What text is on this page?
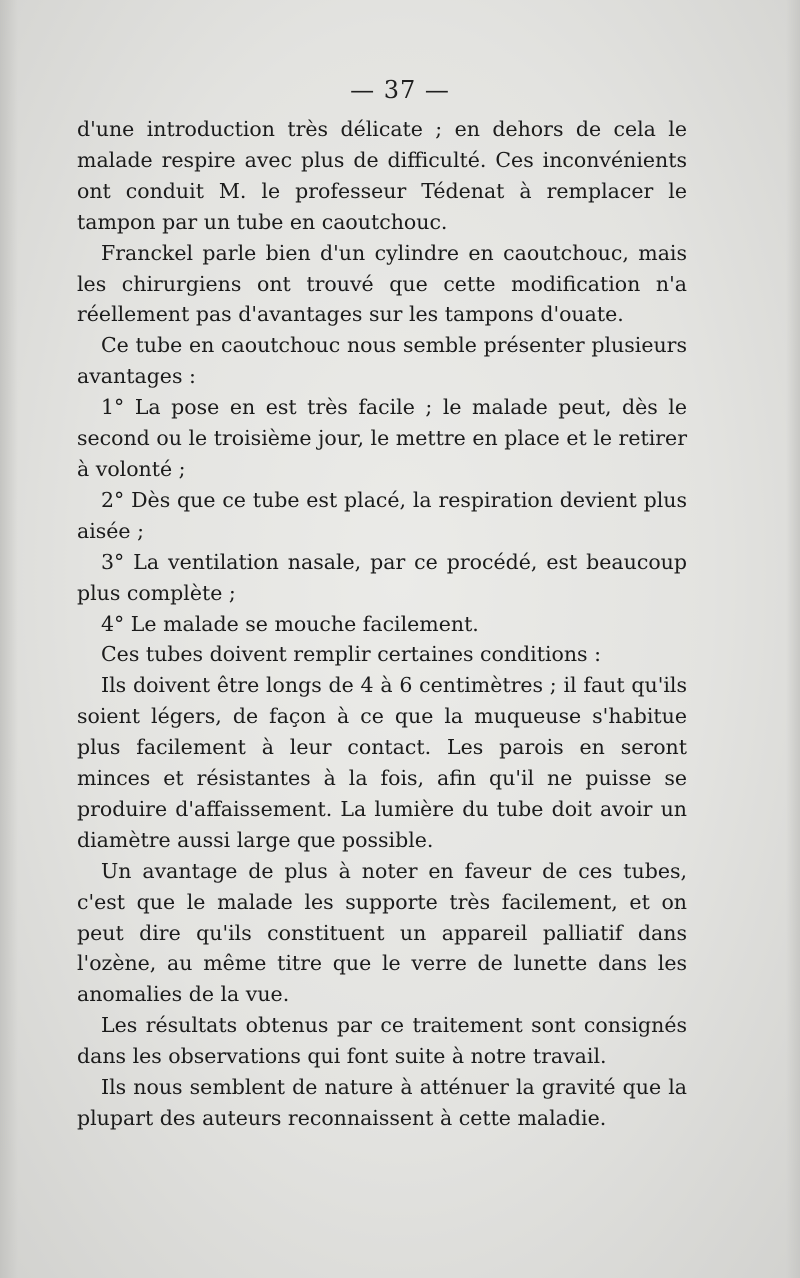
— 37 —

d'une introduction très délicate ; en dehors de cela le malade respire avec plus de difficulté. Ces inconvénients ont conduit M. le professeur Tédenat à remplacer le tampon par un tube en caoutchouc.

Franckel parle bien d'un cylindre en caoutchouc, mais les chirurgiens ont trouvé que cette modification n'a réellement pas d'avantages sur les tampons d'ouate.

Ce tube en caoutchouc nous semble présenter plusieurs avantages :

1° La pose en est très facile ; le malade peut, dès le second ou le troisième jour, le mettre en place et le retirer à volonté ;

2° Dès que ce tube est placé, la respiration devient plus aisée ;

3° La ventilation nasale, par ce procédé, est beaucoup plus complète ;

4° Le malade se mouche facilement.

Ces tubes doivent remplir certaines conditions :

Ils doivent être longs de 4 à 6 centimètres ; il faut qu'ils soient légers, de façon à ce que la muqueuse s'habitue plus facilement à leur contact. Les parois en seront minces et résistantes à la fois, afin qu'il ne puisse se produire d'affaissement. La lumière du tube doit avoir un diamètre aussi large que possible.

Un avantage de plus à noter en faveur de ces tubes, c'est que le malade les supporte très facilement, et on peut dire qu'ils constituent un appareil palliatif dans l'ozène, au même titre que le verre de lunette dans les anomalies de la vue.

Les résultats obtenus par ce traitement sont consignés dans les observations qui font suite à notre travail.

Ils nous semblent de nature à atténuer la gravité que la plupart des auteurs reconnaissent à cette maladie.
